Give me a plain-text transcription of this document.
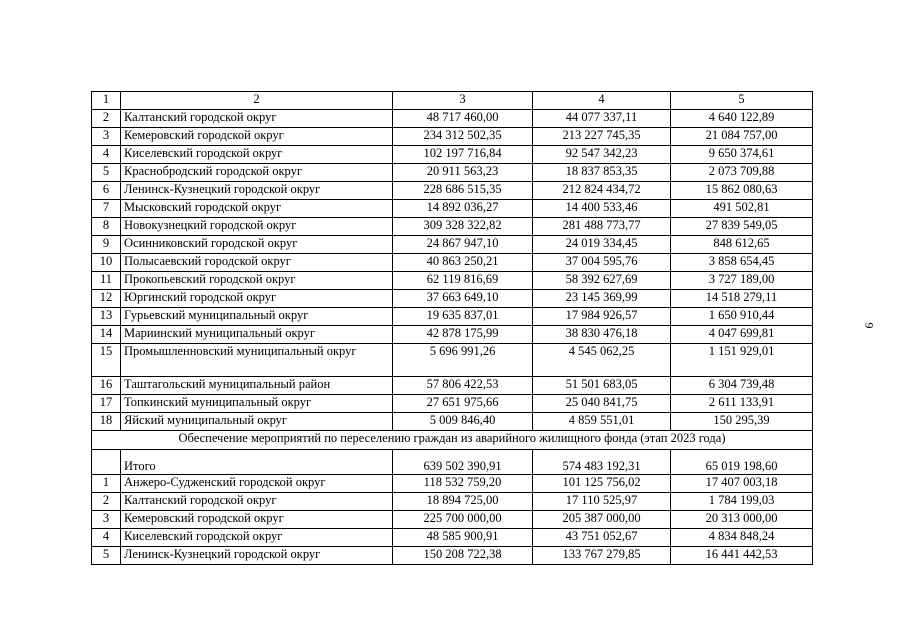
1	2	3	4	5
2	Калтанский городской округ	48 717 460,00	44 077 337,11	4 640 122,89
3	Кемеровский городской округ	234 312 502,35	213 227 745,35	21 084 757,00
4	Киселевский городской округ	102 197 716,84	92 547 342,23	9 650 374,61
5	Краснобродский городской округ	20 911 563,23	18 837 853,35	2 073 709,88
6	Ленинск-Кузнецкий городской округ	228 686 515,35	212 824 434,72	15 862 080,63
7	Мысковский городской округ	14 892 036,27	14 400 533,46	491 502,81
8	Новокузнецкий городской округ	309 328 322,82	281 488 773,77	27 839 549,05
9	Осинниковский городской округ	24 867 947,10	24 019 334,45	848 612,65
10	Полысаевский городской округ	40 863 250,21	37 004 595,76	3 858 654,45
11	Прокопьевский городской округ	62 119 816,69	58 392 627,69	3 727 189,00
12	Юргинский городской округ	37 663 649,10	23 145 369,99	14 518 279,11
13	Гурьевский муниципальный округ	19 635 837,01	17 984 926,57	1 650 910,44
14	Мариинский муниципальный округ	42 878 175,99	38 830 476,18	4 047 699,81
15	Промышленновский муниципальный округ	5 696 991,26	4 545 062,25	1 151 929,01
16	Таштагольский муниципальный район	57 806 422,53	51 501 683,05	6 304 739,48
17	Топкинский муниципальный округ	27 651 975,66	25 040 841,75	2 611 133,91
18	Яйский муниципальный округ	5 009 846,40	4 859 551,01	150 295,39
Обеспечение мероприятий по переселению граждан из аварийного жилищного фонда (этап 2023 года)				
	Итого	639 502 390,91	574 483 192,31	65 019 198,60
1	Анжеро-Судженский городской округ	118 532 759,20	101 125 756,02	17 407 003,18
2	Калтанский городской округ	18 894 725,00	17 110 525,97	1 784 199,03
3	Кемеровский городской округ	225 700 000,00	205 387 000,00	20 313 000,00
4	Киселевский городской округ	48 585 900,91	43 751 052,67	4 834 848,24
5	Ленинск-Кузнецкий городской округ	150 208 722,38	133 767 279,85	16 441 442,53
9
